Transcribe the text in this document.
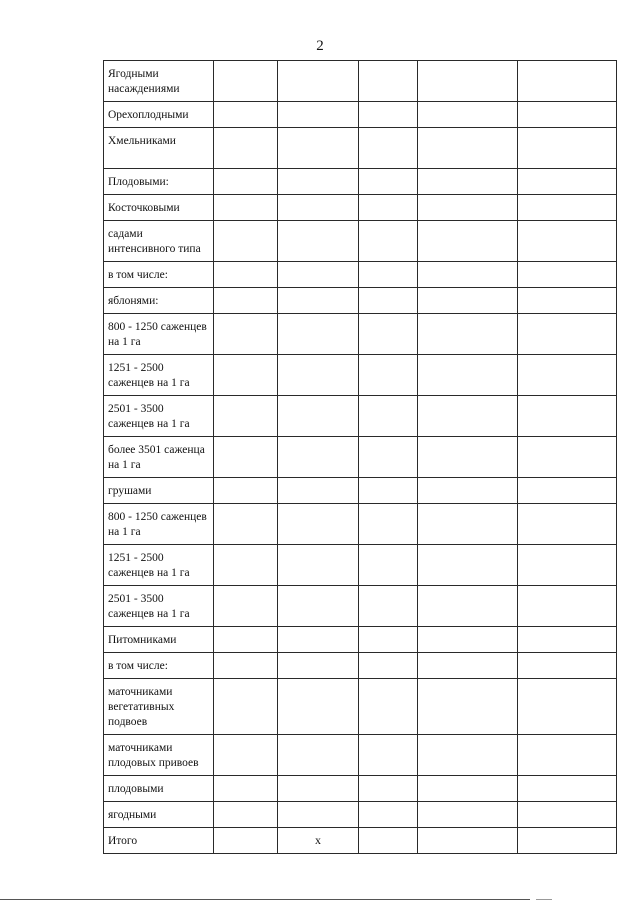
2
Ягодными насаждениями					
Орехоплодными					
Хмельниками					
Плодовыми:					
Косточковыми					
садами интенсивного типа					
в том числе:					
яблонями:					
800 - 1250 саженцев на 1 га					
1251 - 2500 саженцев на 1 га					
2501 - 3500 саженцев на 1 га					
более 3501 саженца на 1 га					
грушами					
800 - 1250 саженцев на 1 га					
1251 - 2500 саженцев на 1 га					
2501 - 3500 саженцев на 1 га					
Питомниками					
в том числе:					
маточниками вегетативных подвоев					
маточниками плодовых привоев					
плодовыми					
ягодными					
Итого		х			
